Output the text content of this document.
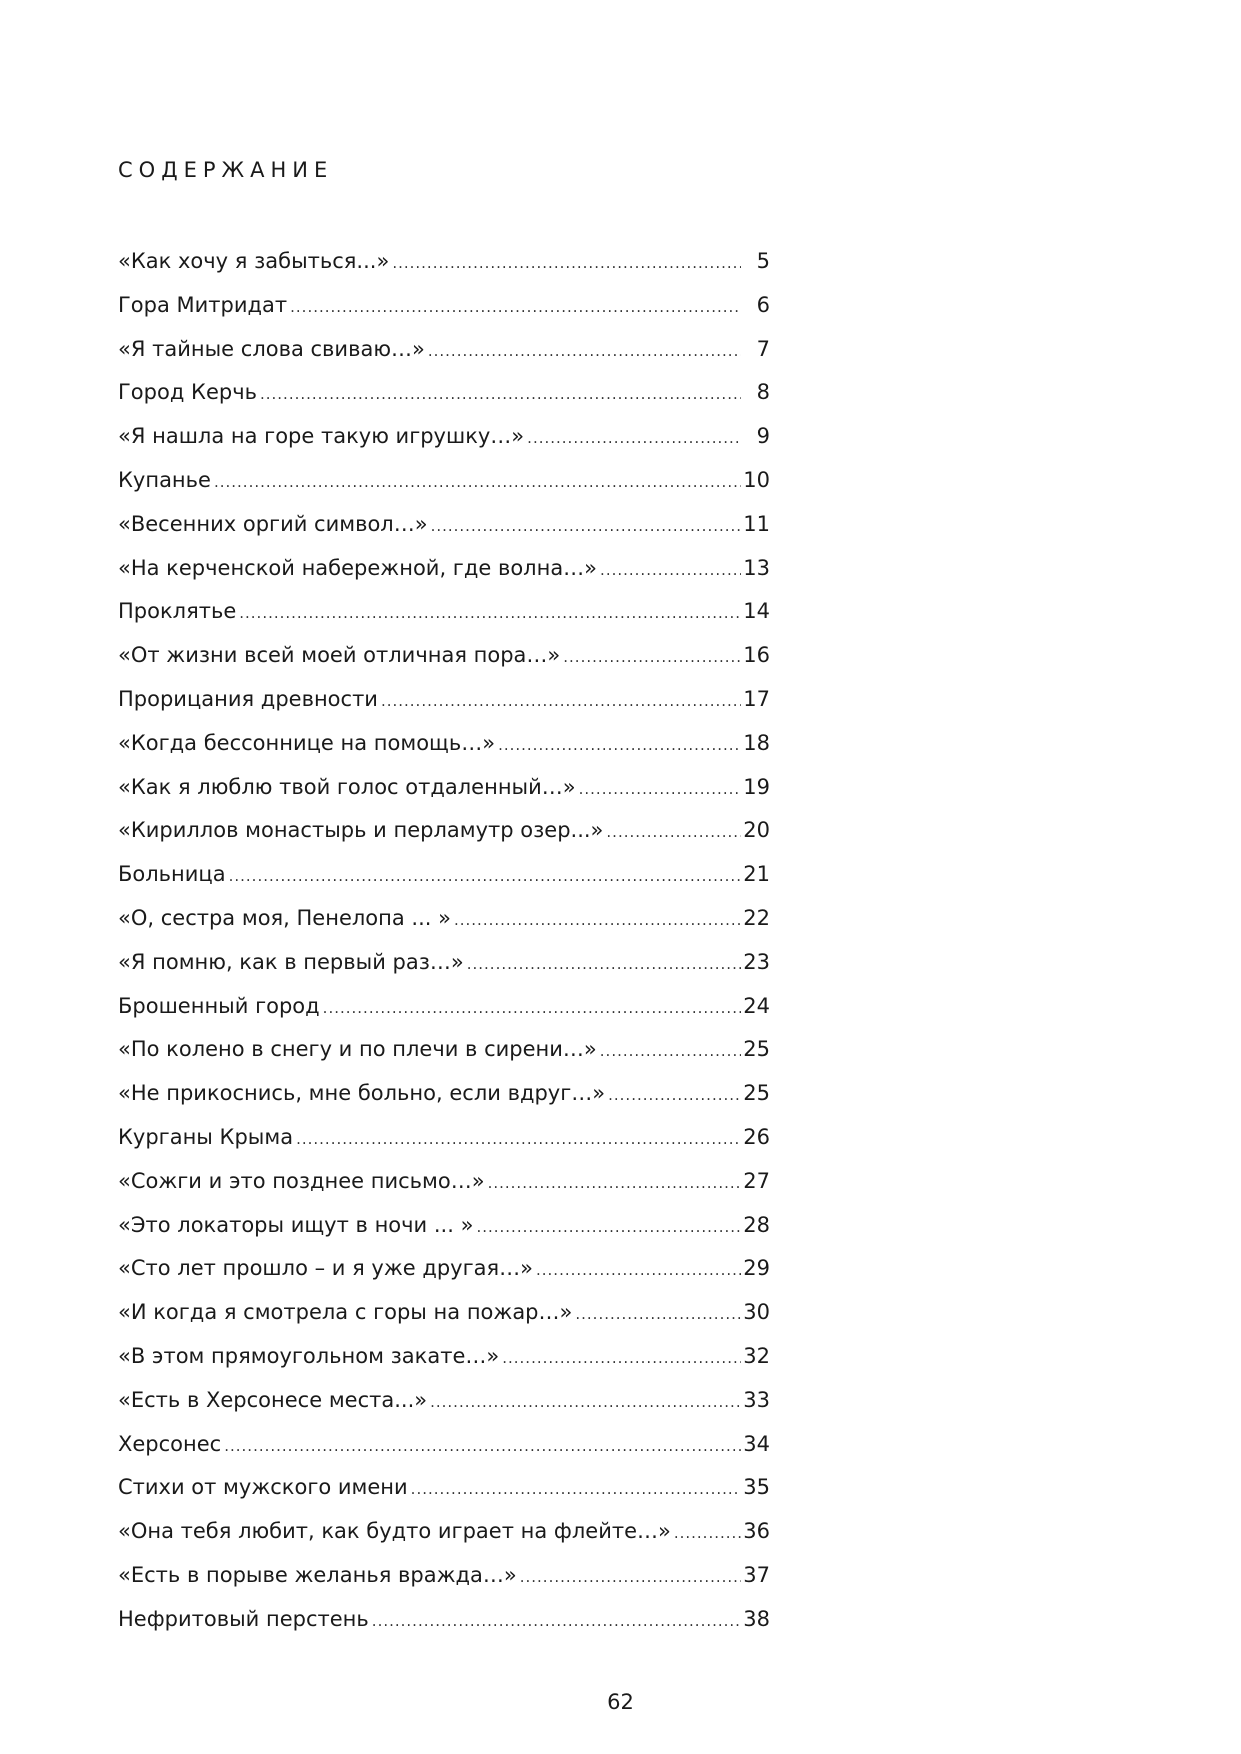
СОДЕРЖАНИЕ
«Как хочу я забыться...» .....	5
Гора Митридат .....	6
«Я тайные слова свиваю…» .....	7
Город Керчь .....	8
«Я нашла на горе такую игрушку…» .....	9
Купанье .....	10
«Весенних оргий символ…» .....	11
«На керченской набережной, где волна…» .....	13
Проклятье .....	14
«От жизни всей моей отличная пора…» .....	16
Прорицания древности .....	17
«Когда бессоннице на помощь…» .....	18
«Как я люблю твой голос отдаленный…» .....	19
«Кириллов монастырь и перламутр озер...» .....	20
Больница .....	21
«О, сестра моя, Пенелопа ... » .....	22
«Я помню, как в первый раз…» .....	23
Брошенный город .....	24
«По колено в снегу и по плечи в сирени…» .....	25
«Не прикоснись, мне больно, если вдруг…» .....	25
Курганы Крыма .....	26
«Сожги и это позднее письмо…» .....	27
«Это локаторы ищут в ночи ... » .....	28
«Сто лет прошло – и я уже другая…» .....	29
«И когда я смотрела с горы на пожар…» .....	30
«В этом прямоугольном закате…» .....	32
«Есть в Херсонесе места...» .....	33
Херсонес .....	34
Стихи от мужского имени .....	35
«Она тебя любит, как будто играет на флейте…» .....	36
«Есть в порыве желанья вражда…» .....	37
Нефритовый перстень .....	38
62
